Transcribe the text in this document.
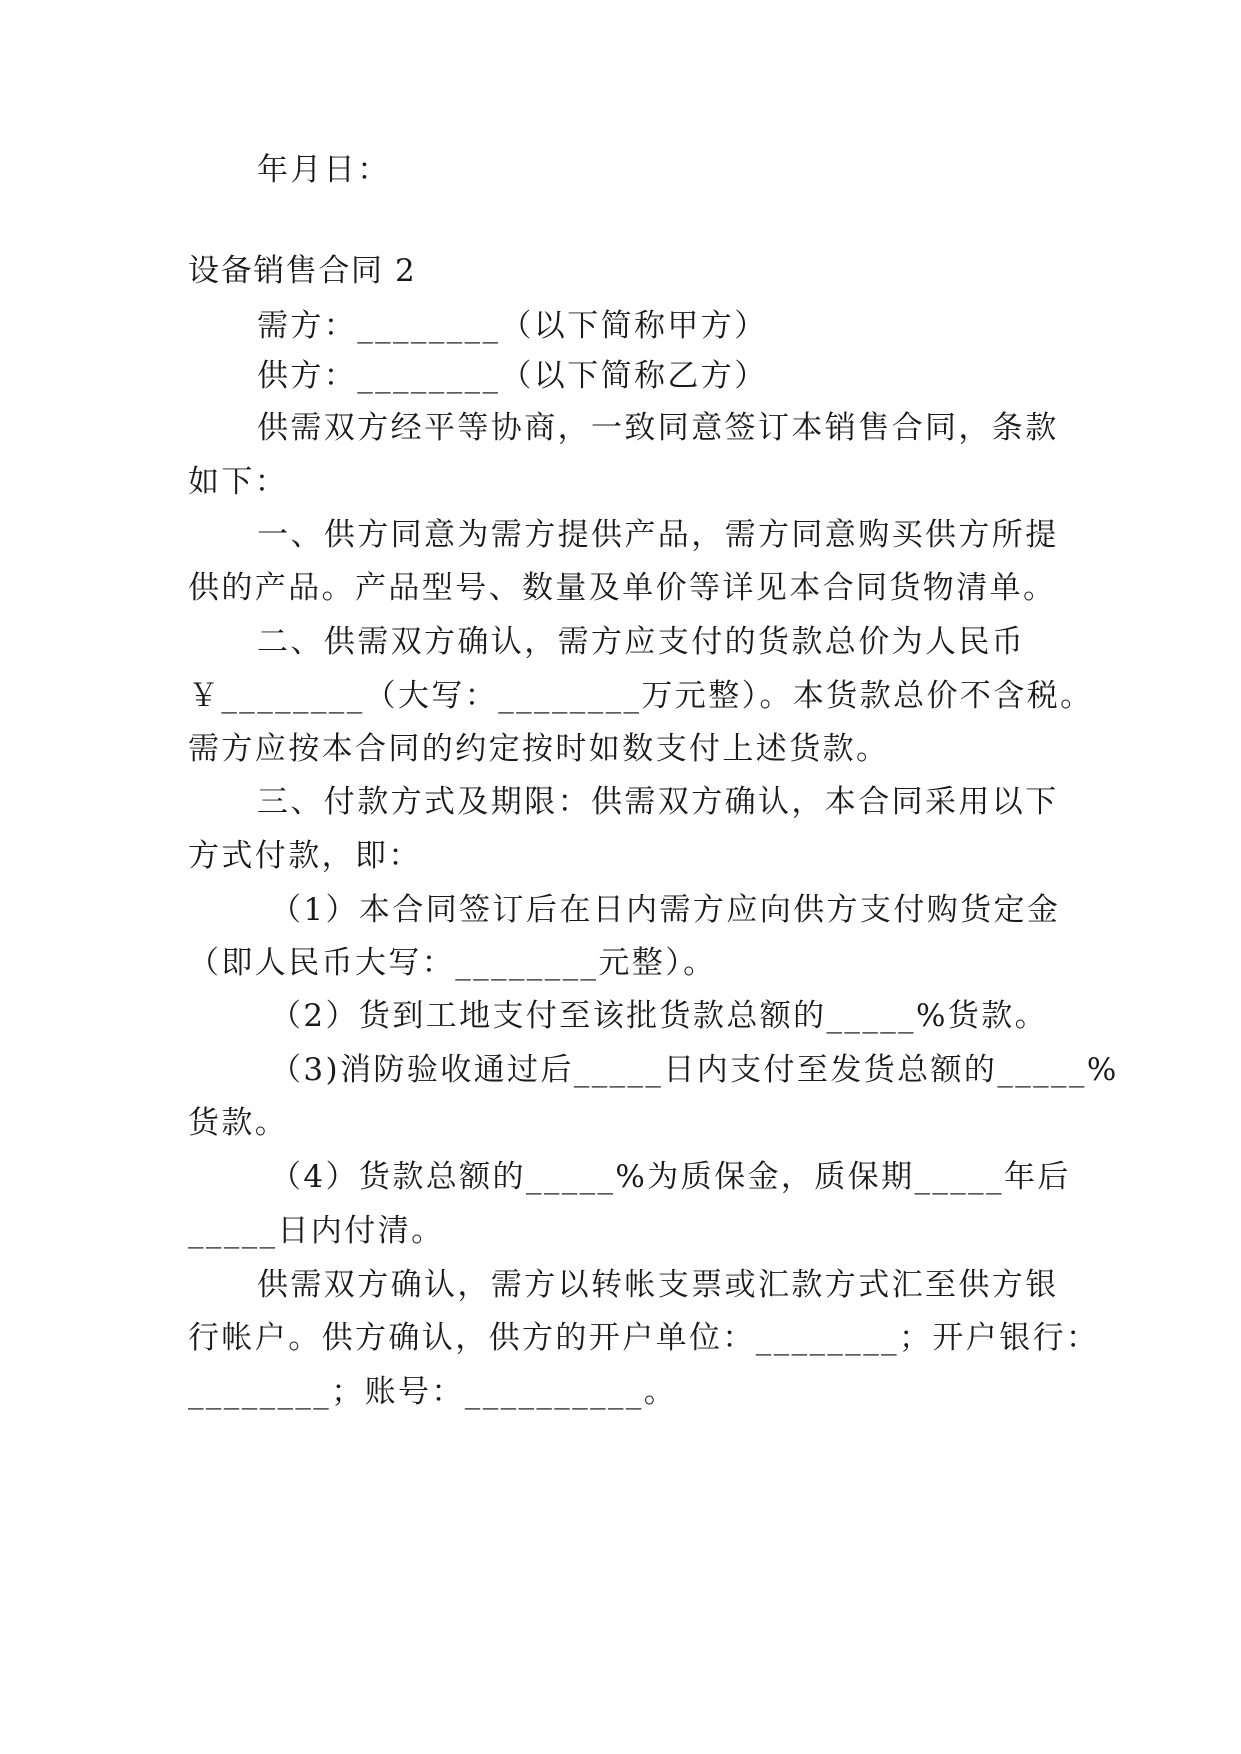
年月日：
设备销售合同 2
需方：________（以下简称甲方）
供方：________（以下简称乙方）
供需双方经平等协商，一致同意签订本销售合同，条款
如下：
一、供方同意为需方提供产品，需方同意购买供方所提
供的产品。产品型号、数量及单价等详见本合同货物清单。
二、供需双方确认，需方应支付的货款总价为人民币
￥________（大写：________万元整）。本货款总价不含税。
需方应按本合同的约定按时如数支付上述货款。
三、付款方式及期限：供需双方确认，本合同采用以下
方式付款，即：
（1）本合同签订后在日内需方应向供方支付购货定金
（即人民币大写：________元整）。
（2）货到工地支付至该批货款总额的_____%货款。
（3)消防验收通过后_____日内支付至发货总额的_____%
货款。
（4）货款总额的_____%为质保金，质保期_____年后
_____日内付清。
供需双方确认，需方以转帐支票或汇款方式汇至供方银
行帐户。供方确认，供方的开户单位：________；开户银行：
________；账号：__________。
